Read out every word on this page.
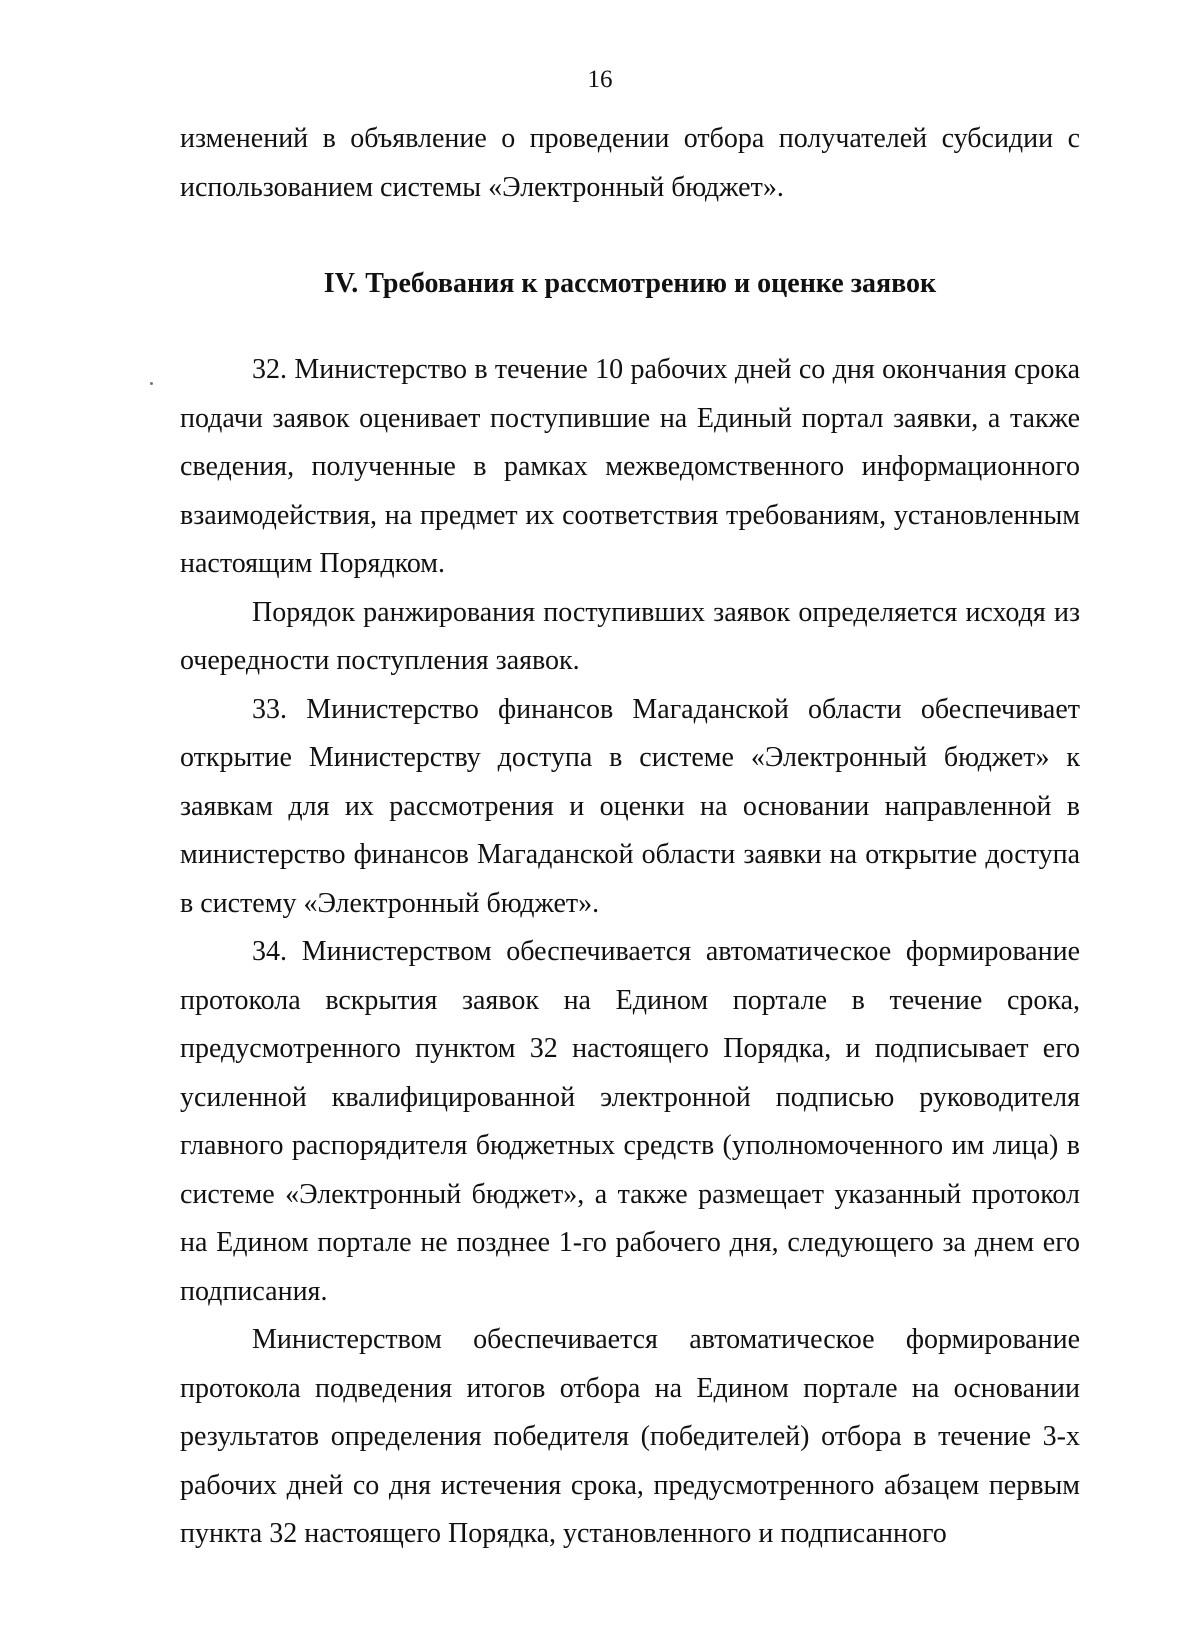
16

изменений в объявление о проведении отбора получателей субсидии с использованием системы «Электронный бюджет».

IV. Требования к рассмотрению и оценке заявок

32. Министерство в течение 10 рабочих дней со дня окончания срока подачи заявок оценивает поступившие на Единый портал заявки, а также сведения, полученные в рамках межведомственного информационного взаимодействия, на предмет их соответствия требованиям, установленным настоящим Порядком.

Порядок ранжирования поступивших заявок определяется исходя из очередности поступления заявок.

33. Министерство финансов Магаданской области обеспечивает открытие Министерству доступа в системе «Электронный бюджет» к заявкам для их рассмотрения и оценки на основании направленной в министерство финансов Магаданской области заявки на открытие доступа в систему «Электронный бюджет».

34. Министерством обеспечивается автоматическое формирование протокола вскрытия заявок на Едином портале в течение срока, предусмотренного пунктом 32 настоящего Порядка, и подписывает его усиленной квалифицированной электронной подписью руководителя главного распорядителя бюджетных средств (уполномоченного им лица) в системе «Электронный бюджет», а также размещает указанный протокол на Едином портале не позднее 1-го рабочего дня, следующего за днем его подписания.

Министерством обеспечивается автоматическое формирование протокола подведения итогов отбора на Едином портале на основании результатов определения победителя (победителей) отбора в течение 3-х рабочих дней со дня истечения срока, предусмотренного абзацем первым пункта 32 настоящего Порядка, установленного и подписанного
